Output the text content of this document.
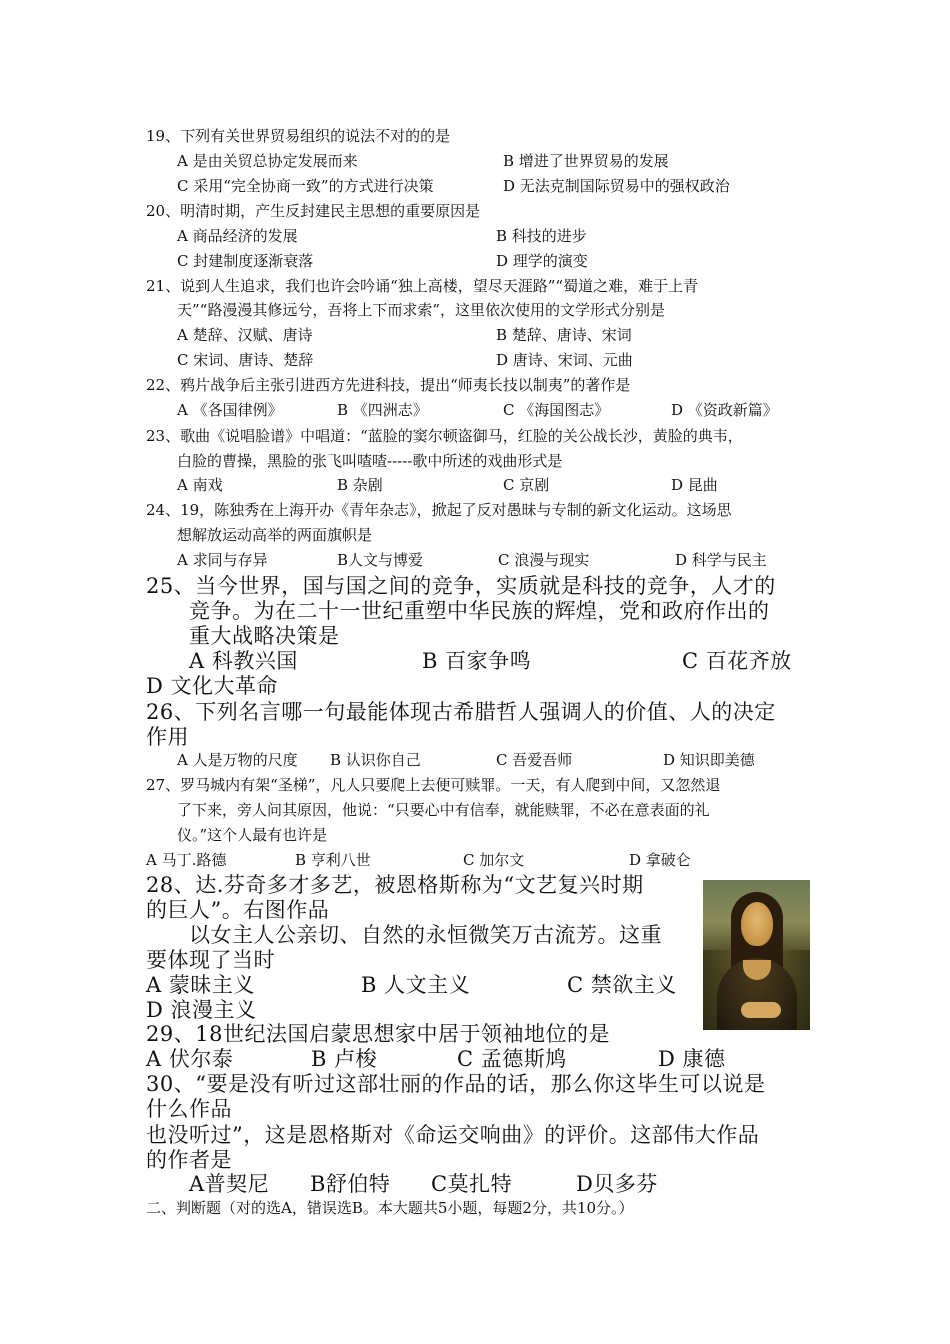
19、下列有关世界贸易组织的说法不对的的是
A 是由关贸总协定发展而来	B 增进了世界贸易的发展
C 采用“完全协商一致”的方式进行决策	D 无法克制国际贸易中的强权政治
20、明清时期，产生反封建民主思想的重要原因是
A 商品经济的发展	B 科技的进步
C 封建制度逐渐衰落	D 理学的演变
21、说到人生追求，我们也许会吟诵“独上高楼，望尽天涯路”“蜀道之难，难于上青
天”“路漫漫其修远兮，吾将上下而求索”，这里依次使用的文学形式分别是
A 楚辞、汉赋、唐诗	B 楚辞、唐诗、宋词
C 宋词、唐诗、楚辞	D 唐诗、宋词、元曲
22、鸦片战争后主张引进西方先进科技，提出“师夷长技以制夷”的著作是
A 《各国律例》	B 《四洲志》	C 《海国图志》	D 《资政新篇》
23、歌曲《说唱脸谱》中唱道：“蓝脸的窦尔顿盗御马，红脸的关公战长沙，黄脸的典韦，
白脸的曹操，黑脸的张飞叫喳喳-----歌中所述的戏曲形式是
A 南戏	B 杂剧	C 京剧	D 昆曲
24、19，陈独秀在上海开办《青年杂志》，掀起了反对愚昧与专制的新文化运动。这场思
想解放运动高举的两面旗帜是
A 求同与存异	B人文与博爱	C 浪漫与现实	D 科学与民主
25、当今世界，国与国之间的竞争，实质就是科技的竞争，人才的
竞争。为在二十一世纪重塑中华民族的辉煌，党和政府作出的
重大战略决策是
A 科教兴国	B 百家争鸣	C 百花齐放
D 文化大革命
26、下列名言哪一句最能体现古希腊哲人强调人的价值、人的决定
作用
A 人是万物的尺度 B 认识你自己	C 吾爱吾师	D 知识即美德
27、罗马城内有架“圣梯”，凡人只要爬上去便可赎罪。一天，有人爬到中间，又忽然退
了下来，旁人问其原因，他说：“只要心中有信奉，就能赎罪，不必在意表面的礼
仪。”这个人最有也许是
A 马丁.路德	B 亨利八世	C 加尔文	D 拿破仑
28、达.芬奇多才多艺，被恩格斯称为“文艺复兴时期
的巨人”。右图作品
以女主人公亲切、自然的永恒微笑万古流芳。这重
要体现了当时
A 蒙昧主义	B 人文主义	C 禁欲主义
D 浪漫主义
29、18世纪法国启蒙思想家中居于领袖地位的是
A 伏尔泰	B 卢梭	C 孟德斯鸠	D 康德
30、“要是没有听过这部壮丽的作品的话，那么你这毕生可以说是
什么作品
也没听过”，这是恩格斯对《命运交响曲》的评价。这部伟大作品
的作者是
A普契尼 B舒伯特 C莫扎特	D贝多芬
二、判断题（对的选A，错误选B。本大题共5小题，每题2分，共10分。）
